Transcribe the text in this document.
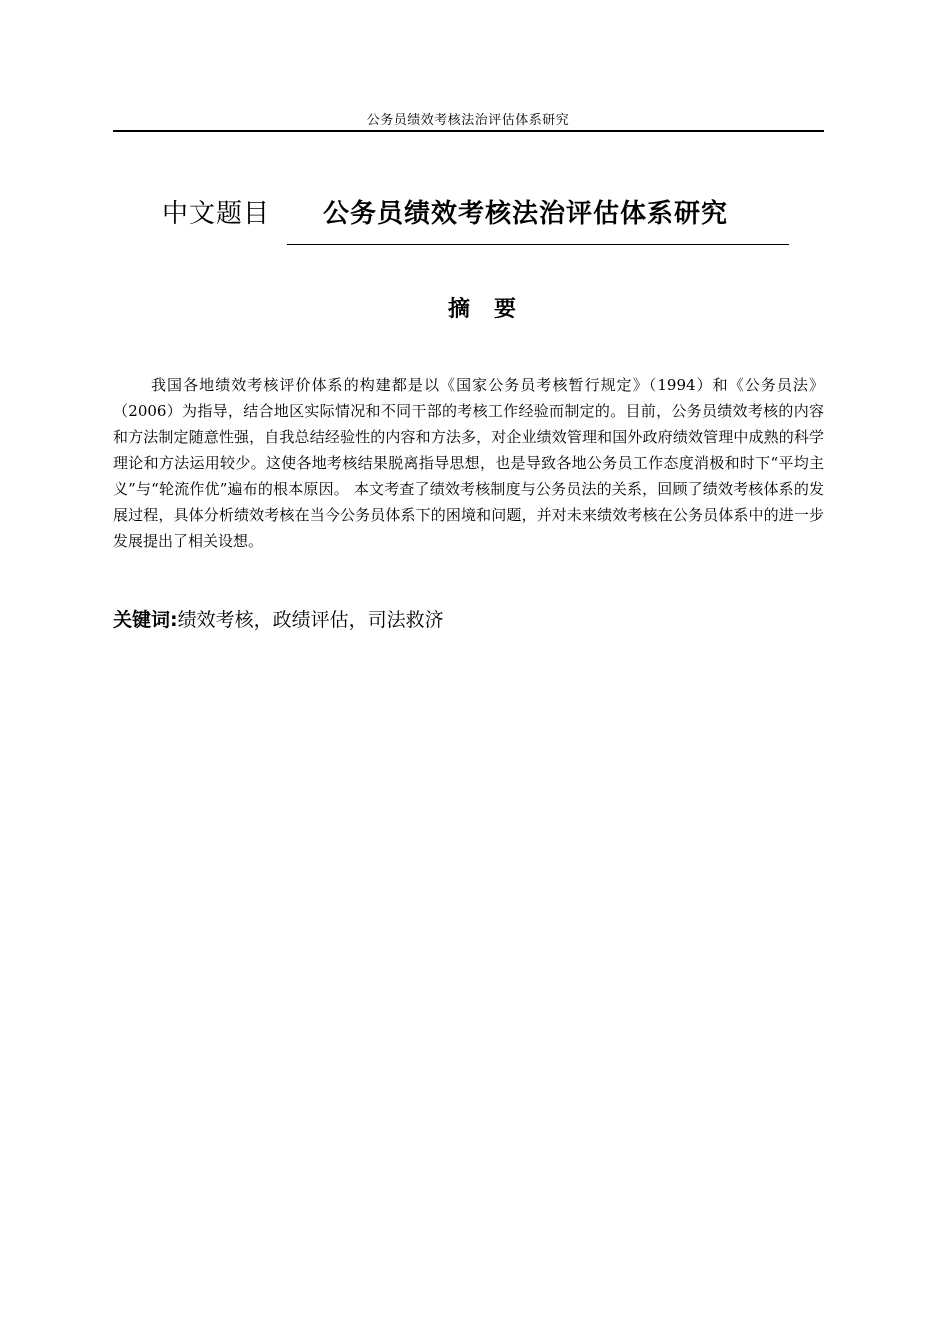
公务员绩效考核法治评估体系研究
中文题目 公务员绩效考核法治评估体系研究
摘要

我国各地绩效考核评价体系的构建都是以《国家公务员考核暂行规定》（1994）和《公务员法》（2006）为指导，结合地区实际情况和不同干部的考核工作经验而制定的。目前，公务员绩效考核的内容和方法制定随意性强，自我总结经验性的内容和方法多，对企业绩效管理和国外政府绩效管理中成熟的科学理论和方法运用较少。这使各地考核结果脱离指导思想，也是导致各地公务员工作态度消极和时下“平均主义”与“轮流作优”遍布的根本原因。 本文考查了绩效考核制度与公务员法的关系，回顾了绩效考核体系的发展过程，具体分析绩效考核在当今公务员体系下的困境和问题，并对未来绩效考核在公务员体系中的进一步发展提出了相关设想。

关键词:绩效考核，政绩评估，司法救济
